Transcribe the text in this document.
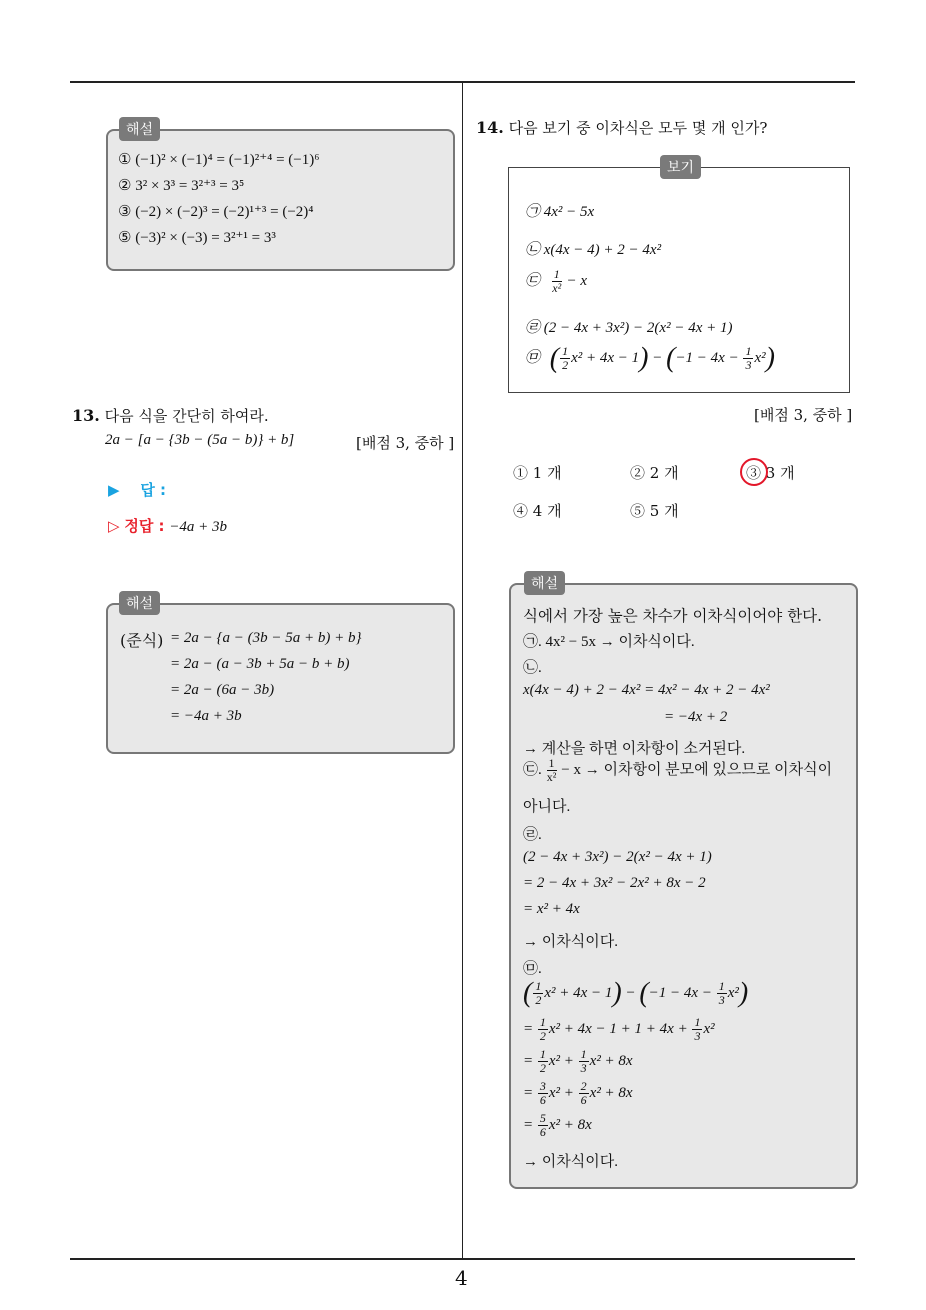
4
해설
① (−1)² × (−1)⁴ = (−1)²⁺⁴ = (−1)⁶
② 3² × 3³ = 3²⁺³ = 3⁵
③ (−2) × (−2)³ = (−2)¹⁺³ = (−2)⁴
⑤ (−3)² × (−3) = 3²⁺¹ = 3³
13. 다음 식을 간단히 하여라.
2a − [a − {3b − (5a − b)} + b]	[배점 3, 중하 ]
▶ 답 :
▷ 정답 : −4a + 3b
해설
(준식) = 2a − {a − (3b − 5a + b) + b}
= 2a − (a − 3b + 5a − b + b)
= 2a − (6a − 3b)
= −4a + 3b
14. 다음 보기 중 이차식은 모두 몇 개 인가?
보기
㉠ 4x² − 5x
㉡ x(4x − 4) + 2 − 4x²
㉢ $\frac{1}{\text{x²}} - x$
㉣ (2 − 4x + 3x²) − 2(x² − 4x + 1)
㉤ ( $\frac{1}{2} x^2 + 4x - 1) - (-1 - 4x - \frac{1}{3} x^2)$
[배점 3, 중하 ]
① 1 개	② 2 개	③ 3 개
④ 4 개	⑤ 5 개
해설
식에서 가장 높은 차수가 이차식이어야 한다.
㉠. 4x² − 5x → 이차식이다.
㉡.
x(4x − 4) + 2 − 4x² = 4x² − 4x + 2 − 4x²
= −4x + 2
→ 계산을 하면 이차항이 소거된다.
㉢. $\frac{1}{\text{x²}} - x$ → 이차항이 분모에 있으므로 이차식이
아니다.
㉣.
(2 − 4x + 3x²) − 2(x² − 4x + 1)
= 2 − 4x + 3x² − 2x² + 8x − 2
= x² + 4x
→ 이차식이다.
㉤.
( $\frac{1}{2} x^2 + 4x - 1) - (-1 - 4x - \frac{1}{3} x^2)$
= $\frac{1}{2} x^2 + 4x - 1 + 1 + 4x + \frac{1}{3} x^2$
= $\frac{1}{2} x^2 + \frac{1}{3} x^2 + 8x$
= $\frac{3}{6} x^2 + \frac{2}{6} x^2 + 8x$
= $\frac{5}{6} x^2 + 8x$
→ 이차식이다.
